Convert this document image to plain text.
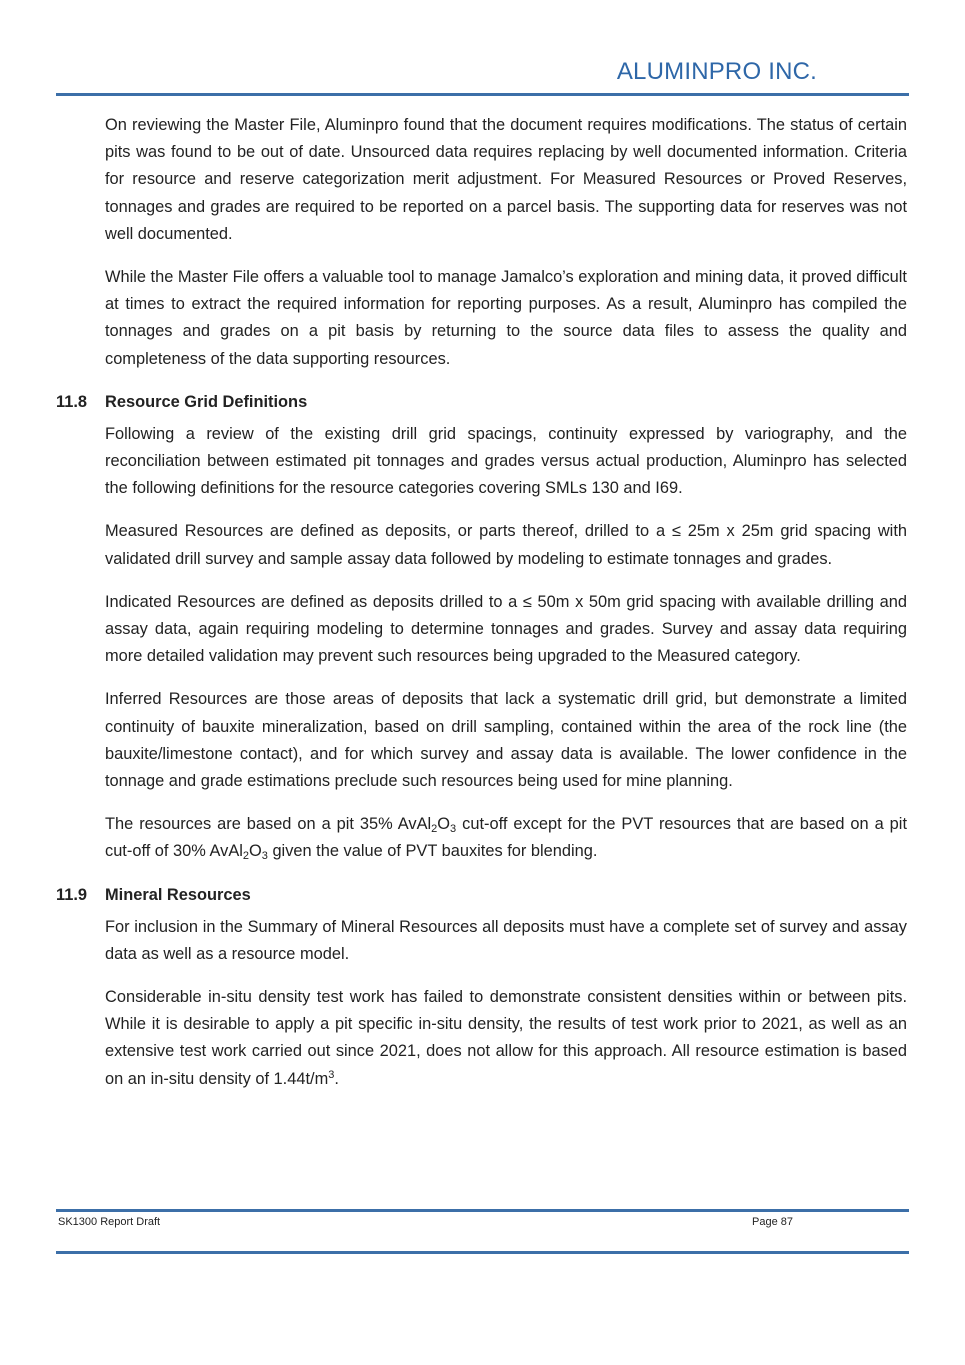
ALUMINPRO INC.

On reviewing the Master File, Aluminpro found that the document requires modifications. The status of certain pits was found to be out of date. Unsourced data requires replacing by well documented information. Criteria for resource and reserve categorization merit adjustment. For Measured Resources or Proved Reserves, tonnages and grades are required to be reported on a parcel basis. The supporting data for reserves was not well documented.

While the Master File offers a valuable tool to manage Jamalco’s exploration and mining data, it proved difficult at times to extract the required information for reporting purposes. As a result, Aluminpro has compiled the tonnages and grades on a pit basis by returning to the source data files to assess the quality and completeness of the data supporting resources.

11.8	Resource Grid Definitions

Following a review of the existing drill grid spacings, continuity expressed by variography, and the reconciliation between estimated pit tonnages and grades versus actual production, Aluminpro has selected the following definitions for the resource categories covering SMLs 130 and I69.

Measured Resources are defined as deposits, or parts thereof, drilled to a ≤ 25m x 25m grid spacing with validated drill survey and sample assay data followed by modeling to estimate tonnages and grades.

Indicated Resources are defined as deposits drilled to a ≤ 50m x 50m grid spacing with available drilling and assay data, again requiring modeling to determine tonnages and grades. Survey and assay data requiring more detailed validation may prevent such resources being upgraded to the Measured category.

Inferred Resources are those areas of deposits that lack a systematic drill grid, but demonstrate a limited continuity of bauxite mineralization, based on drill sampling, contained within the area of the rock line (the bauxite/limestone contact), and for which survey and assay data is available. The lower confidence in the tonnage and grade estimations preclude such resources being used for mine planning.

The resources are based on a pit 35% $AvAl_2O_3$ cut-off except for the PVT resources that are based on a pit cut-off of 30% $AvAl_2O_3$ given the value of PVT bauxites for blending.

11.9	Mineral Resources

For inclusion in the Summary of Mineral Resources all deposits must have a complete set of survey and assay data as well as a resource model.

Considerable in-situ density test work has failed to demonstrate consistent densities within or between pits. While it is desirable to apply a pit specific in-situ density, the results of test work prior to 2021, as well as an extensive test work carried out since 2021, does not allow for this approach. All resource estimation is based on an in-situ density of $1.44t/m^3$.

SK1300 Report Draft	Page 87
